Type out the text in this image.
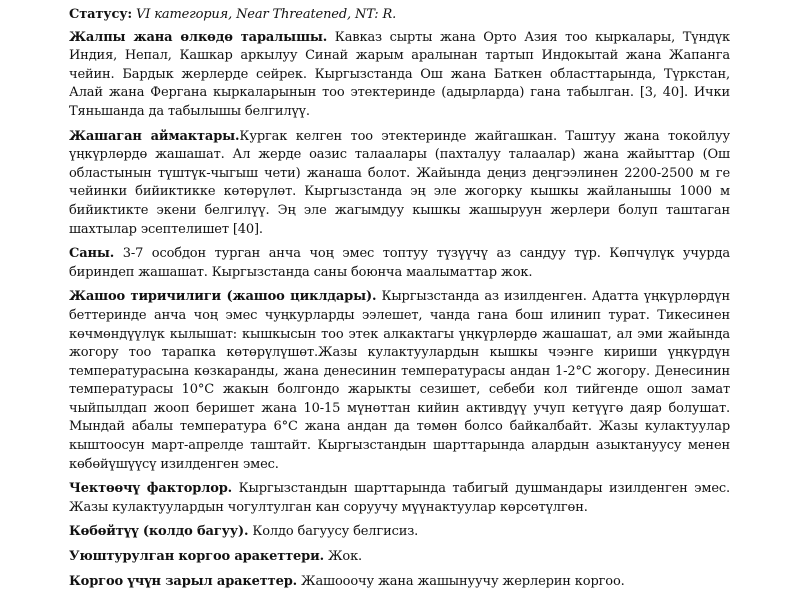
Статусу: VI категория, Near Threatened, NT: R.

Жалпы жана өлкөдө таралышы. Кавказ сырты жана Орто Азия тоо кыркалары, Түндүк Индия, Непал, Кашкар аркылуу Синай жарым аралынан тартып Индокытай жана Жапанга чейин. Бардык жерлерде сейрек. Кыргызстанда Ош жана Баткен областтарында, Түркстан, Алай жана Фергана кыркаларынын тоо этектеринде (адырларда) гана табылган. [3, 40]. Ички Тяньшанда да табылышы белгилүү.

Жашаган аймактары.Кургак келген тоо этектеринде жайгашкан. Таштуу жана токойлуу үңкүрлөрдө жашашат. Ал жерде оазис талаалары (пахталуу талаалар) жана жайыттар (Ош областынын түштүк-чыгыш чети) жанаша болот. Жайында деңиз деңгээлинен 2200-2500 м ге чейинки бийиктикке көтөрүлөт. Кыргызстанда эң эле жогорку кышкы жайланышы 1000 м бийиктикте экени белгилүү. Эң эле жагымдуу кышкы жашыруун жерлери болуп таштаган шахтылар эсептелишет [40].

Саны. 3-7 особдон турган анча чоң эмес топтуу түзүүчү аз сандуу түр. Көпчүлүк учурда бириндеп жашашат. Кыргызстанда саны боюнча маалыматтар жок.

Жашоо тиричилиги (жашоо циклдары). Кыргызстанда аз изилденген. Адатта үңкүрлөрдүн беттеринде анча чоң эмес чуңкурларды ээлешет, чанда гана бош илинип турат. Тикесинен көчмөндүүлүк кылышат: кышкысын тоо этек алкактагы үңкүрлөрдө жашашат, ал эми жайында жогору тоо тарапка көтөрүлүшөт.Жазы кулактуулардын кышкы чээнге кириши үңкүрдүн температурасына көзкаранды, жана денесинин температурасы андан 1-2°С жогору. Денесинин температурасы 10°С жакын болгондо жарыкты сезишет, себеби кол тийгенде ошол замат чыйпылдап жооп беришет жана 10-15 мүнөттан кийин активдүү учуп кетүүгө даяр болушат. Мындай абалы температура 6°С жана андан да төмөн болсо байкалбайт. Жазы кулактуулар кыштоосун март-апрелде таштайт. Кыргызстандын шарттарында алардын азыктануусу менен көбөйүшүүсү изилденген эмес.

Чектөөчү факторлор. Кыргызстандын шарттарында табигый душмандары изилденген эмес. Жазы кулактуулардын чогултулган кан соруучу мүүнактуулар көрсөтүлгөн.

Көбөйтүү (колдо багуу). Колдо багуусу белгисиз.

Уюштурулган коргоо аракеттери. Жок.

Коргоо үчүн зарыл аракеттер. Жашооочу жана жашынуучу жерлерин коргоо.
